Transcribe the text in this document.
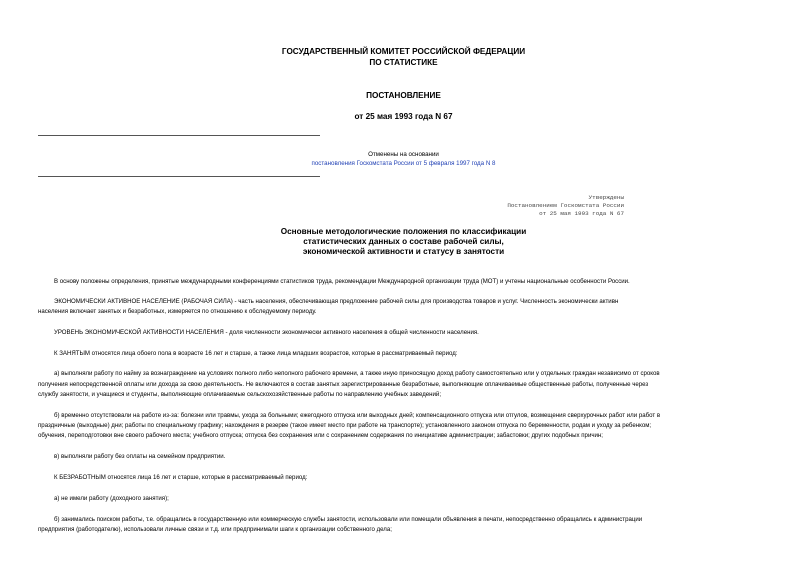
ГОСУДАРСТВЕННЫЙ КОМИТЕТ РОССИЙСКОЙ ФЕДЕРАЦИИ
ПО СТАТИСТИКЕ
ПОСТАНОВЛЕНИЕ
от 25 мая 1993 года N 67
Отменены на основании
постановления Госкомстата России от 5 февраля 1997 года N 8
Утверждены
Постановлением Госкомстата России
от 25 мая 1993 года N 67
Основные методологические положения по классификации
статистических данных о составе рабочей силы,
экономической активности и статусу в занятости
В основу положены определения, принятые международными конференциями статистиков труда, рекомендации Международной организации труда (МОТ) и учтены национальные особенности России.
ЭКОНОМИЧЕСКИ АКТИВНОЕ НАСЕЛЕНИЕ (РАБОЧАЯ СИЛА) - часть населения, обеспечивающая предложение рабочей силы для производства товаров и услуг. Численность экономически активн
населения включает занятых и безработных, измеряется по отношению к обследуемому периоду.
УРОВЕНЬ ЭКОНОМИЧЕСКОЙ АКТИВНОСТИ НАСЕЛЕНИЯ - доля численности экономически активного населения в общей численности населения.
К ЗАНЯТЫМ относятся лица обоего пола в возрасте 16 лет и старше, а также лица младших возрастов, которые в рассматриваемый период:
а) выполняли работу по найму за вознаграждение на условиях полного либо неполного рабочего времени, а также иную приносящую доход работу самостоятельно или у отдельных граждан независимо от сроков
получения непосредственной оплаты или дохода за свою деятельность. Не включаются в состав занятых зарегистрированные безработные, выполняющие оплачиваемые общественные работы, полученные через
службу занятости, и учащиеся и студенты, выполняющие оплачиваемые сельскохозяйственные работы по направлению учебных заведений;
б) временно отсутствовали на работе из-за: болезни или травмы, ухода за больными; ежегодного отпуска или выходных дней; компенсационного отпуска или отгулов, возмещения сверхурочных работ или работ в
праздничные (выходные) дни; работы по специальному графику; нахождения в резерве (такое имеет место при работе на транспорте); установленного законом отпуска по беременности, родам и уходу за ребенком;
обучения, переподготовки вне своего рабочего места; учебного отпуска; отпуска без сохранения или с сохранением содержания по инициативе администрации; забастовки; других подобных причин;
в) выполняли работу без оплаты на семейном предприятии.
К БЕЗРАБОТНЫМ относятся лица 16 лет и старше, которые в рассматриваемый период:
а) не имели работу (доходного занятия);
б) занимались поиском работы, т.е. обращались в государственную или коммерческую службы занятости, использовали или помещали объявления в печати, непосредственно обращались к администрации
предприятия (работодателю), использовали личные связи и т.д. или предпринимали шаги к организации собственного дела;
